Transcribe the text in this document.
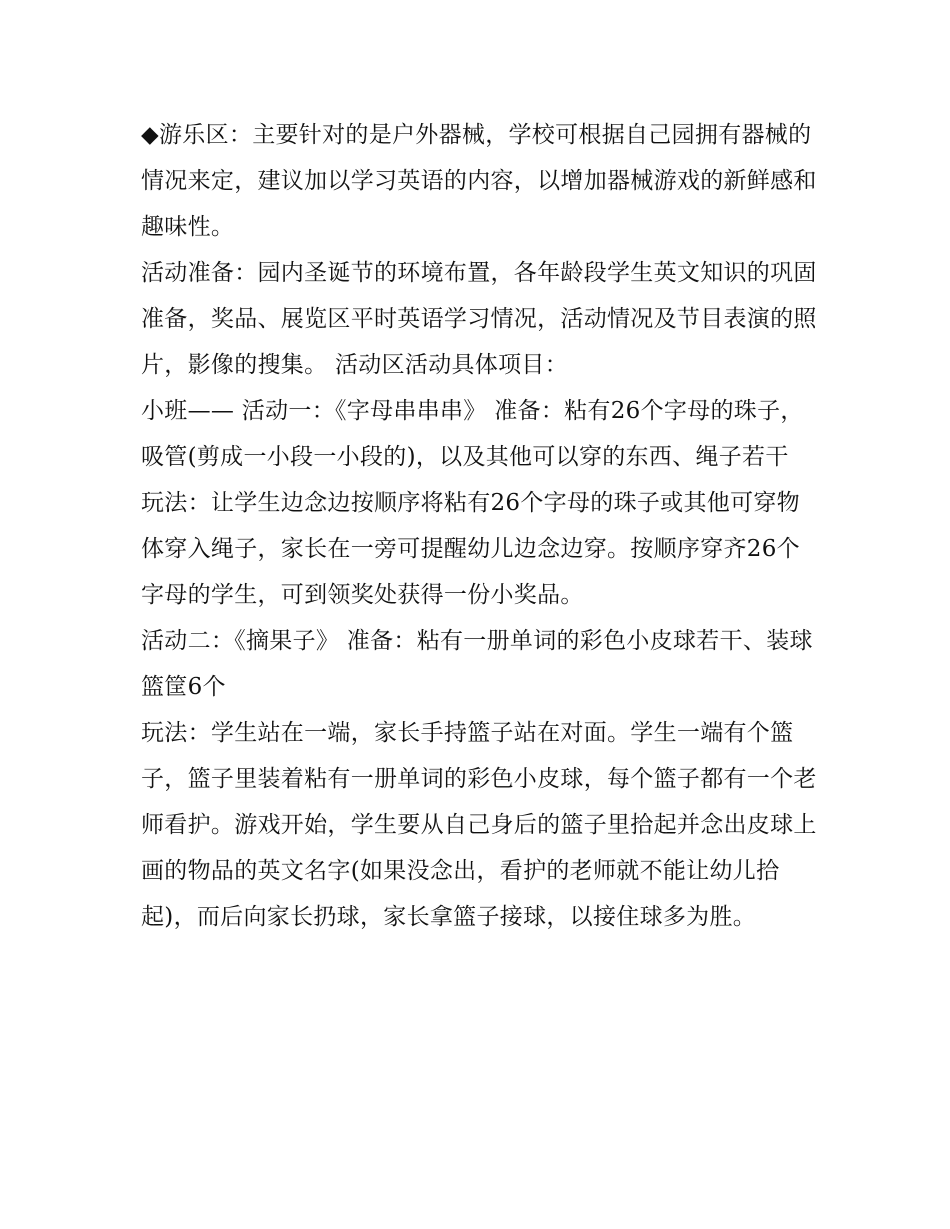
◆游乐区：主要针对的是户外器械，学校可根据自己园拥有器械的情况来定，建议加以学习英语的内容，以增加器械游戏的新鲜感和趣味性。

活动准备：园内圣诞节的环境布置，各年龄段学生英文知识的巩固准备，奖品、展览区平时英语学习情况，活动情况及节目表演的照片，影像的搜集。 活动区活动具体项目：

小班—— 活动一：《字母串串串》 准备：粘有26个字母的珠子，吸管(剪成一小段一小段的)，以及其他可以穿的东西、绳子若干

玩法：让学生边念边按顺序将粘有26个字母的珠子或其他可穿物体穿入绳子，家长在一旁可提醒幼儿边念边穿。按顺序穿齐26个字母的学生，可到领奖处获得一份小奖品。

活动二：《摘果子》 准备：粘有一册单词的彩色小皮球若干、装球篮筐6个

玩法：学生站在一端，家长手持篮子站在对面。学生一端有个篮子，篮子里装着粘有一册单词的彩色小皮球，每个篮子都有一个老师看护。游戏开始，学生要从自己身后的篮子里拾起并念出皮球上画的物品的英文名字(如果没念出，看护的老师就不能让幼儿拾起)，而后向家长扔球，家长拿篮子接球，以接住球多为胜。
